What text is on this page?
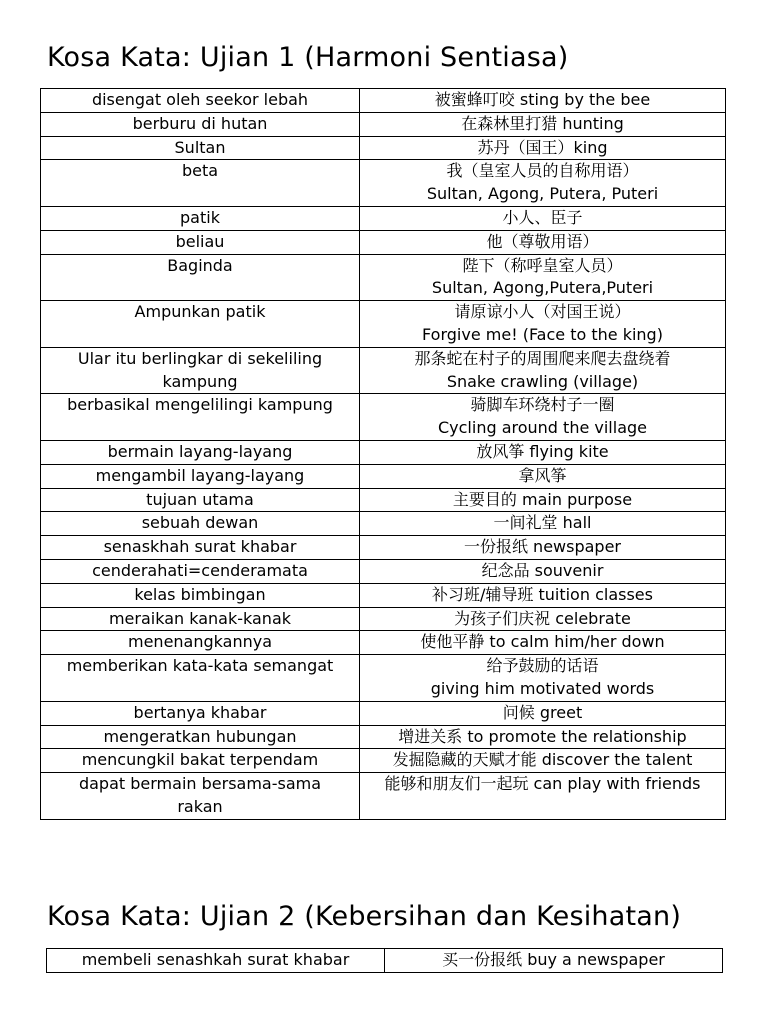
Kosa Kata: Ujian 1 (Harmoni Sentiasa)
disengat oleh seekor lebah	被蜜蜂叮咬 sting by the bee

berburu di hutan	在森林里打猎 hunting

Sultan	苏丹（国王）king

beta	我（皇室人员的自称用语）
Sultan, Agong, Putera, Puteri

patik	小人、臣子

beliau	他（尊敬用语）

Baginda	陛下（称呼皇室人员）
Sultan, Agong,Putera,Puteri

Ampunkan patik	请原谅小人（对国王说）
Forgive me! (Face to the king)

Ular itu berlingkar di sekeliling
kampung	那条蛇在村子的周围爬来爬去盘绕着
Snake crawling (village)

berbasikal mengelilingi kampung	骑脚车环绕村子一圈
Cycling around the village

bermain layang-layang	放风筝 flying kite

mengambil layang-layang	拿风筝

tujuan utama	主要目的 main purpose

sebuah dewan	一间礼堂 hall

senaskhah surat khabar	一份报纸 newspaper

cenderahati=cenderamata	纪念品 souvenir

kelas bimbingan	补习班/辅导班 tuition classes

meraikan kanak-kanak	为孩子们庆祝 celebrate

menenangkannya	使他平静 to calm him/her down

memberikan kata-kata semangat	给予鼓励的话语
giving him motivated words

bertanya khabar	问候 greet

mengeratkan hubungan	增进关系 to promote the relationship

mencungkil bakat terpendam	发掘隐藏的天赋才能 discover the talent

dapat bermain bersama-sama
rakan	能够和朋友们一起玩 can play with friends
Kosa Kata: Ujian 2 (Kebersihan dan Kesihatan)
membeli senashkah surat khabar	买一份报纸 buy a newspaper
